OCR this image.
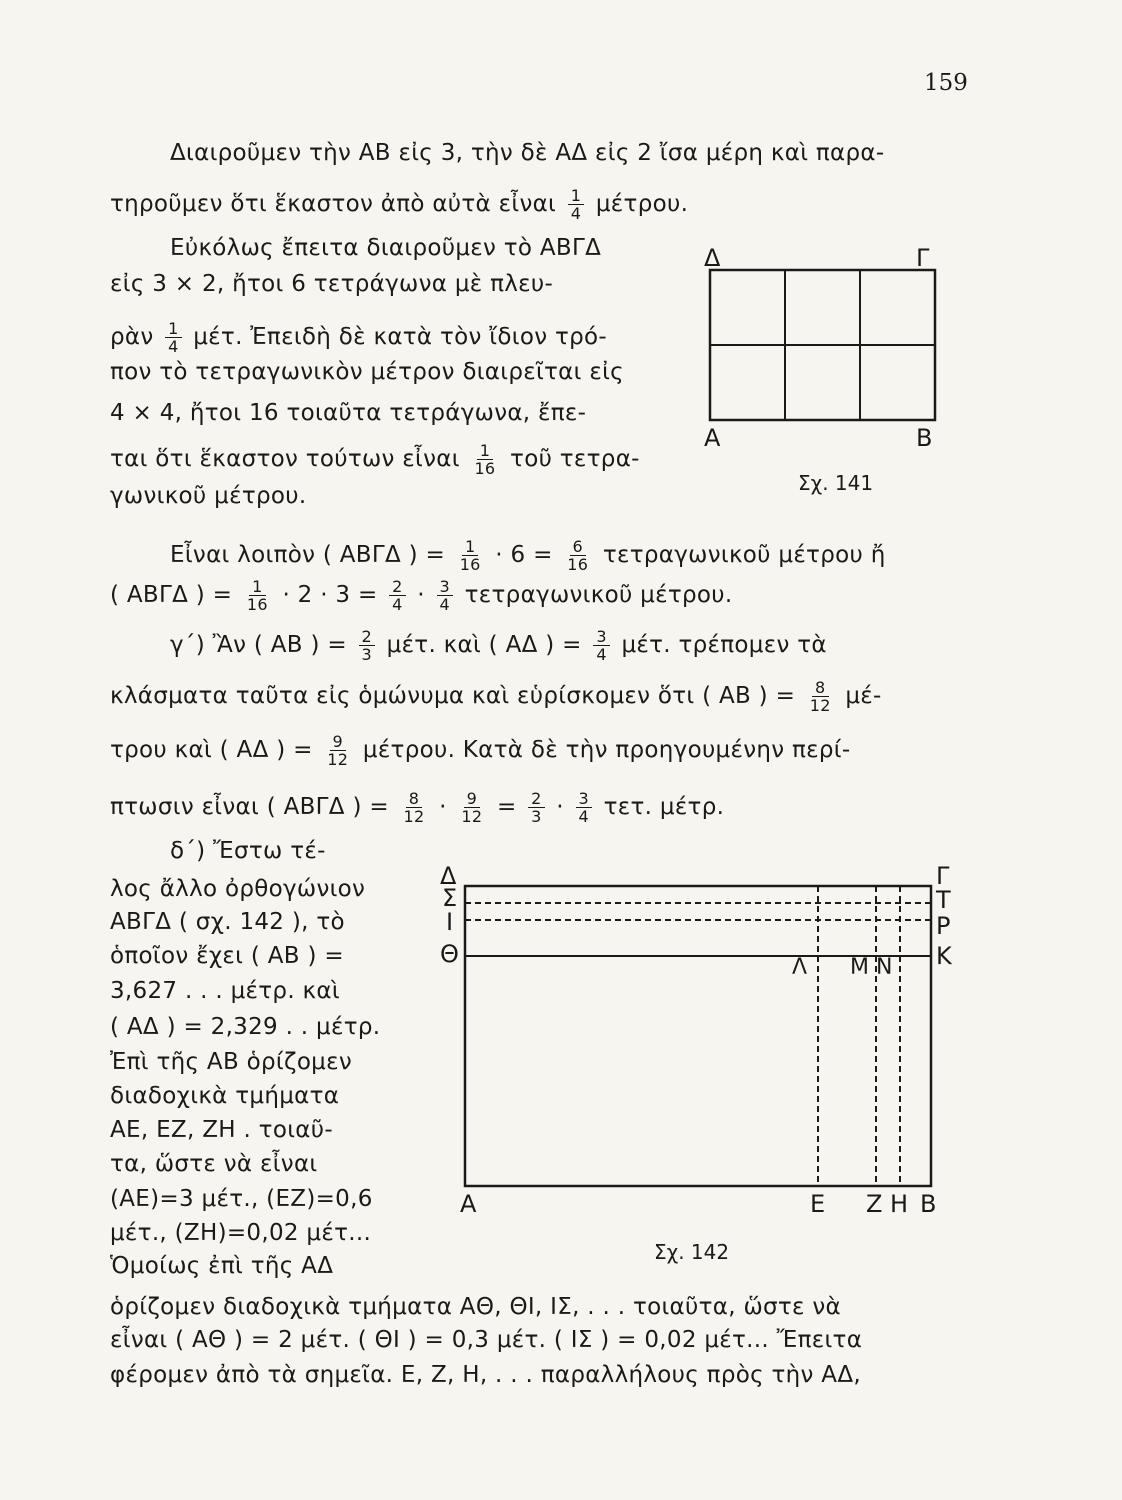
159
Διαιροῦμεν τὴν ΑΒ εἰς 3, τὴν δὲ ΑΔ εἰς 2 ἴσα μέρη καὶ παρα-
τηροῦμεν ὅτι ἕκαστον ἀπὸ αὐτὰ εἶναι $\frac{1}{4} \mu έ\tau\rho o\upsilon$.
Εὐκόλως ἔπειτα διαιροῦμεν τὸ ΑΒΓΔ
εἰς 3 × 2, ἤτοι 6 τετράγωνα μὲ πλευ-
ρὰν $\frac{1}{4} \mu έ\tau$. Ἐπειδὴ δὲ κατὰ τὸν ἴδιον τρό-
πον τὸ τετραγωνικὸν μέτρον διαιρεῖται εἰς
4 × 4, ἤτοι 16 τοιαῦτα τετράγωνα, ἔπε-
ται ὅτι ἕκαστον τούτων εἶναι $\frac{1}{16}$ τοῦ τετρα-
γωνικοῦ μέτρου.
Δ	Γ
Α	Β
Σχ. 141
Εἶναι λοιπὸν ( ΑΒΓΔ ) = $\frac{1}{16} \cdot 6 = \frac{6}{16}$ τετραγωνικοῦ μέτρου ἤ
( ΑΒΓΔ ) = $\frac{1}{16} \cdot 2 \cdot 3 = \frac{2}{4} \cdot \frac{3}{4}$ τετραγωνικοῦ μέτρου.
γ΄) Ἂν ( ΑΒ ) = $\frac{2}{3} \mu έ\tau$. καὶ ( ΑΔ ) = $\frac{3}{4} \mu έ\tau$. τρέπομεν τὰ
κλάσματα ταῦτα εἰς ὁμώνυμα καὶ εὑρίσκομεν ὅτι ( ΑΒ ) = $\frac{8}{12} \mu έ-$
τρου καὶ ( ΑΔ ) = $\frac{9}{12} \mu έ\tau\rho o\upsilon$. Κατὰ δὲ τὴν προηγουμένην περί-
πτωσιν εἶναι ( ΑΒΓΔ ) = $\frac{8}{12} \cdot \frac{9}{12} = \frac{2}{3} \cdot \frac{3}{4} \tau\varepsilon\tau$. μέτρ.
δ΄) Ἔστω τέ-
λος ἄλλο ὀρθογώνιον
ΑΒΓΔ ( σχ. 142 ), τὸ
ὁποῖον ἔχει ( ΑΒ ) =
3,627 . . . μέτρ. καὶ
( ΑΔ ) = 2,329 . . μέτρ.
Ἐπὶ τῆς ΑΒ ὁρίζομεν
διαδοχικὰ τμήματα
ΑΕ, ΕΖ, ΖΗ . τοιαῦ-
τα, ὥστε νὰ εἶναι
(ΑΕ)=3 μέτ., (ΕΖ)=0,6
μέτ., (ΖΗ)=0,02 μέτ...
Ὁμοίως ἐπὶ τῆς ΑΔ
ὁρίζομεν διαδοχικὰ τμήματα ΑΘ, ΘΙ, ΙΣ, . . . τοιαῦτα, ὥστε νὰ
εἶναι ( ΑΘ ) = 2 μέτ. ( ΘΙ ) = 0,3 μέτ. ( ΙΣ ) = 0,02 μέτ... Ἔπειτα
φέρομεν ἀπὸ τὰ σημεῖα. Ε, Ζ, Η, . . . παραλλήλους πρὸς τὴν ΑΔ,
Δ
Σ
Ι
Θ
Γ
Τ
Ρ
Κ
Λ Μ Ν
Α	Ε Ζ Η Β
Σχ. 142
